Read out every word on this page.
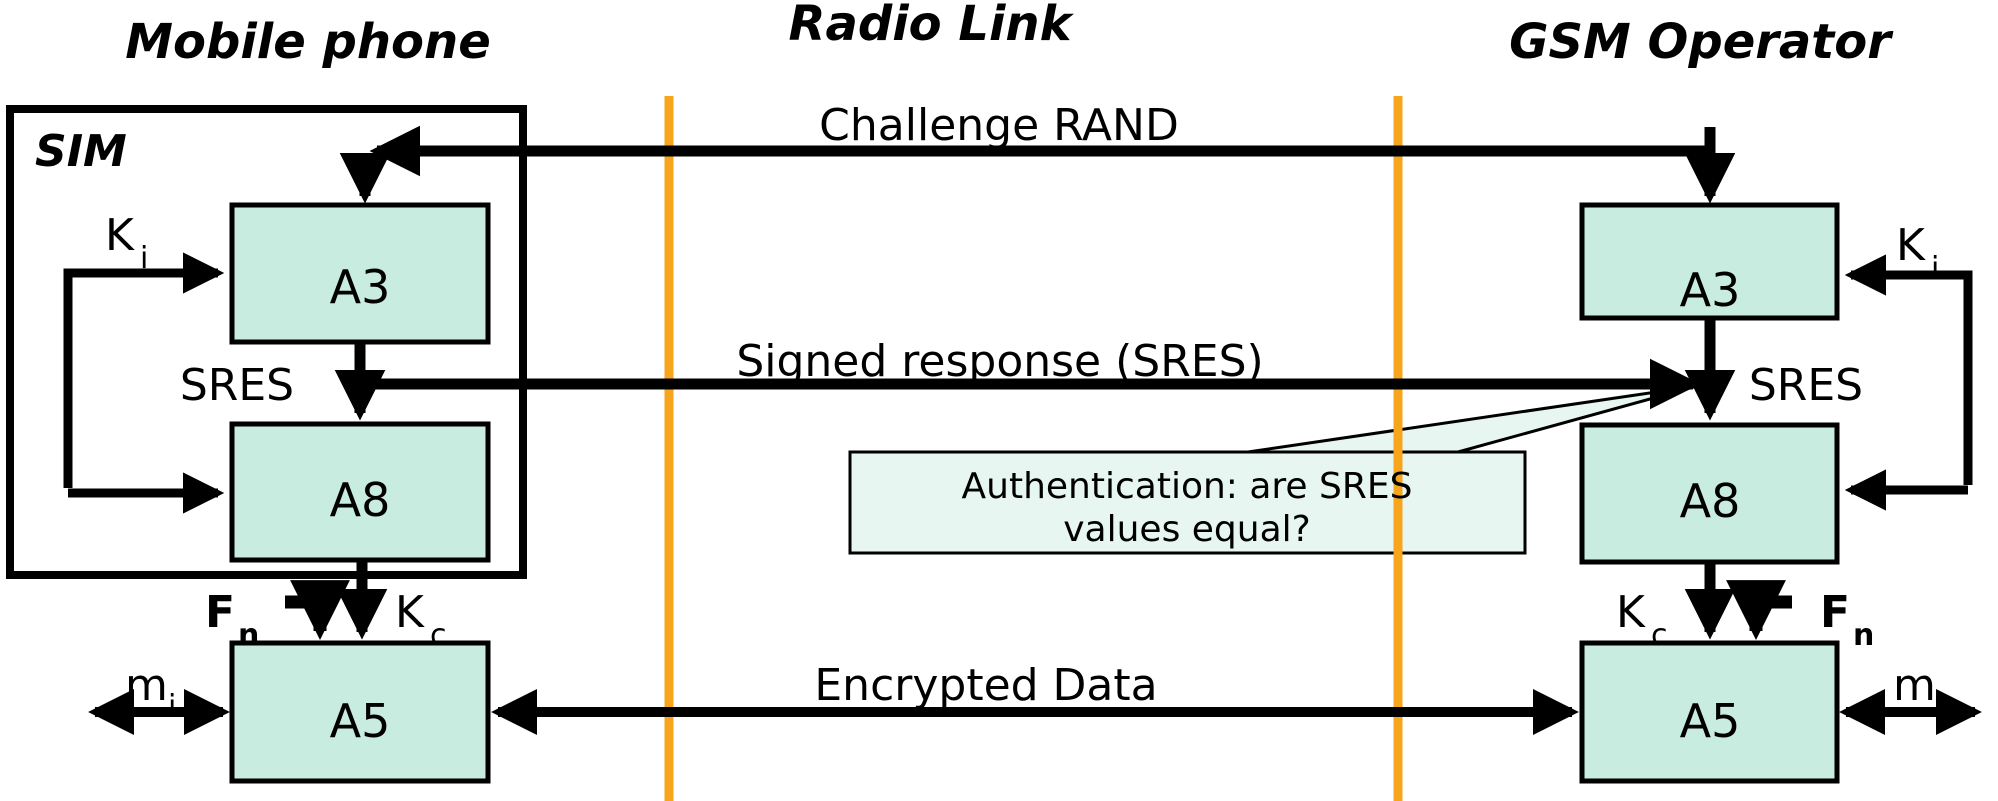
Mobile phone	Radio Link	GSM Operator
SIM
A3
A8
A5
A3
A8
A5
Challenge RAND
Signed response (SRES)
Encrypted Data
SRES	SRES
K i	K i
F n	F n
K c	K c
m i	m i
Authentication: are SRES
values equal?
